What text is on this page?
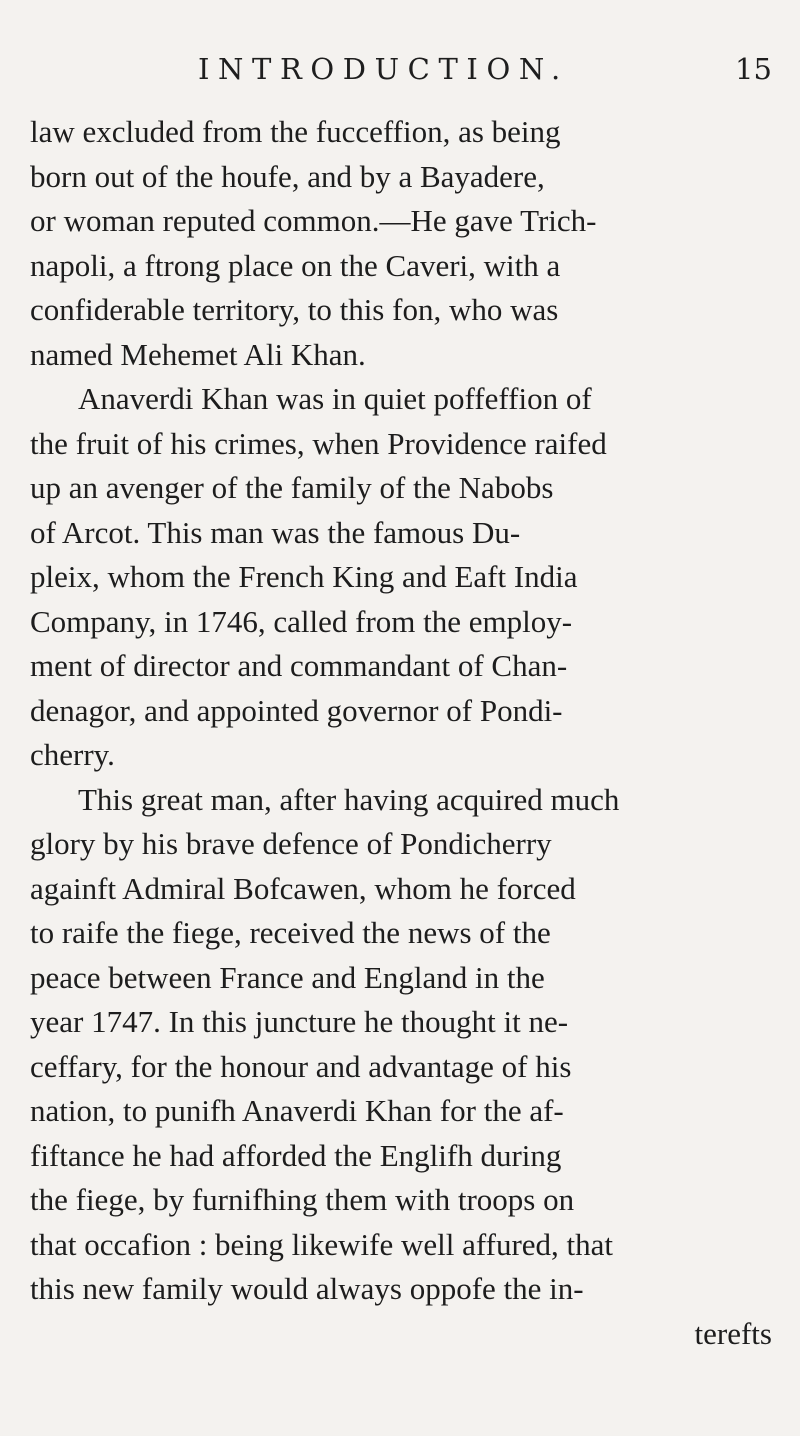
INTRODUCTION.	15
law excluded from the fucceffion, as being
born out of the houfe, and by a Bayadere,
or woman reputed common.—He gave Trich-
napoli, a ftrong place on the Caveri, with a
confiderable territory, to this fon, who was
named Mehemet Ali Khan.
Anaverdi Khan was in quiet poffeffion of
the fruit of his crimes, when Providence raifed
up an avenger of the family of the Nabobs
of Arcot. This man was the famous Du-
pleix, whom the French King and Eaft India
Company, in 1746, called from the employ-
ment of director and commandant of Chan-
denagor, and appointed governor of Pondi-
cherry.
This great man, after having acquired much
glory by his brave defence of Pondicherry
againft Admiral Bofcawen, whom he forced
to raife the fiege, received the news of the
peace between France and England in the
year 1747. In this juncture he thought it ne-
ceffary, for the honour and advantage of his
nation, to punifh Anaverdi Khan for the af-
fiftance he had afforded the Englifh during
the fiege, by furnifhing them with troops on
that occafion : being likewife well affured, that
this new family would always oppofe the in-
terefts
